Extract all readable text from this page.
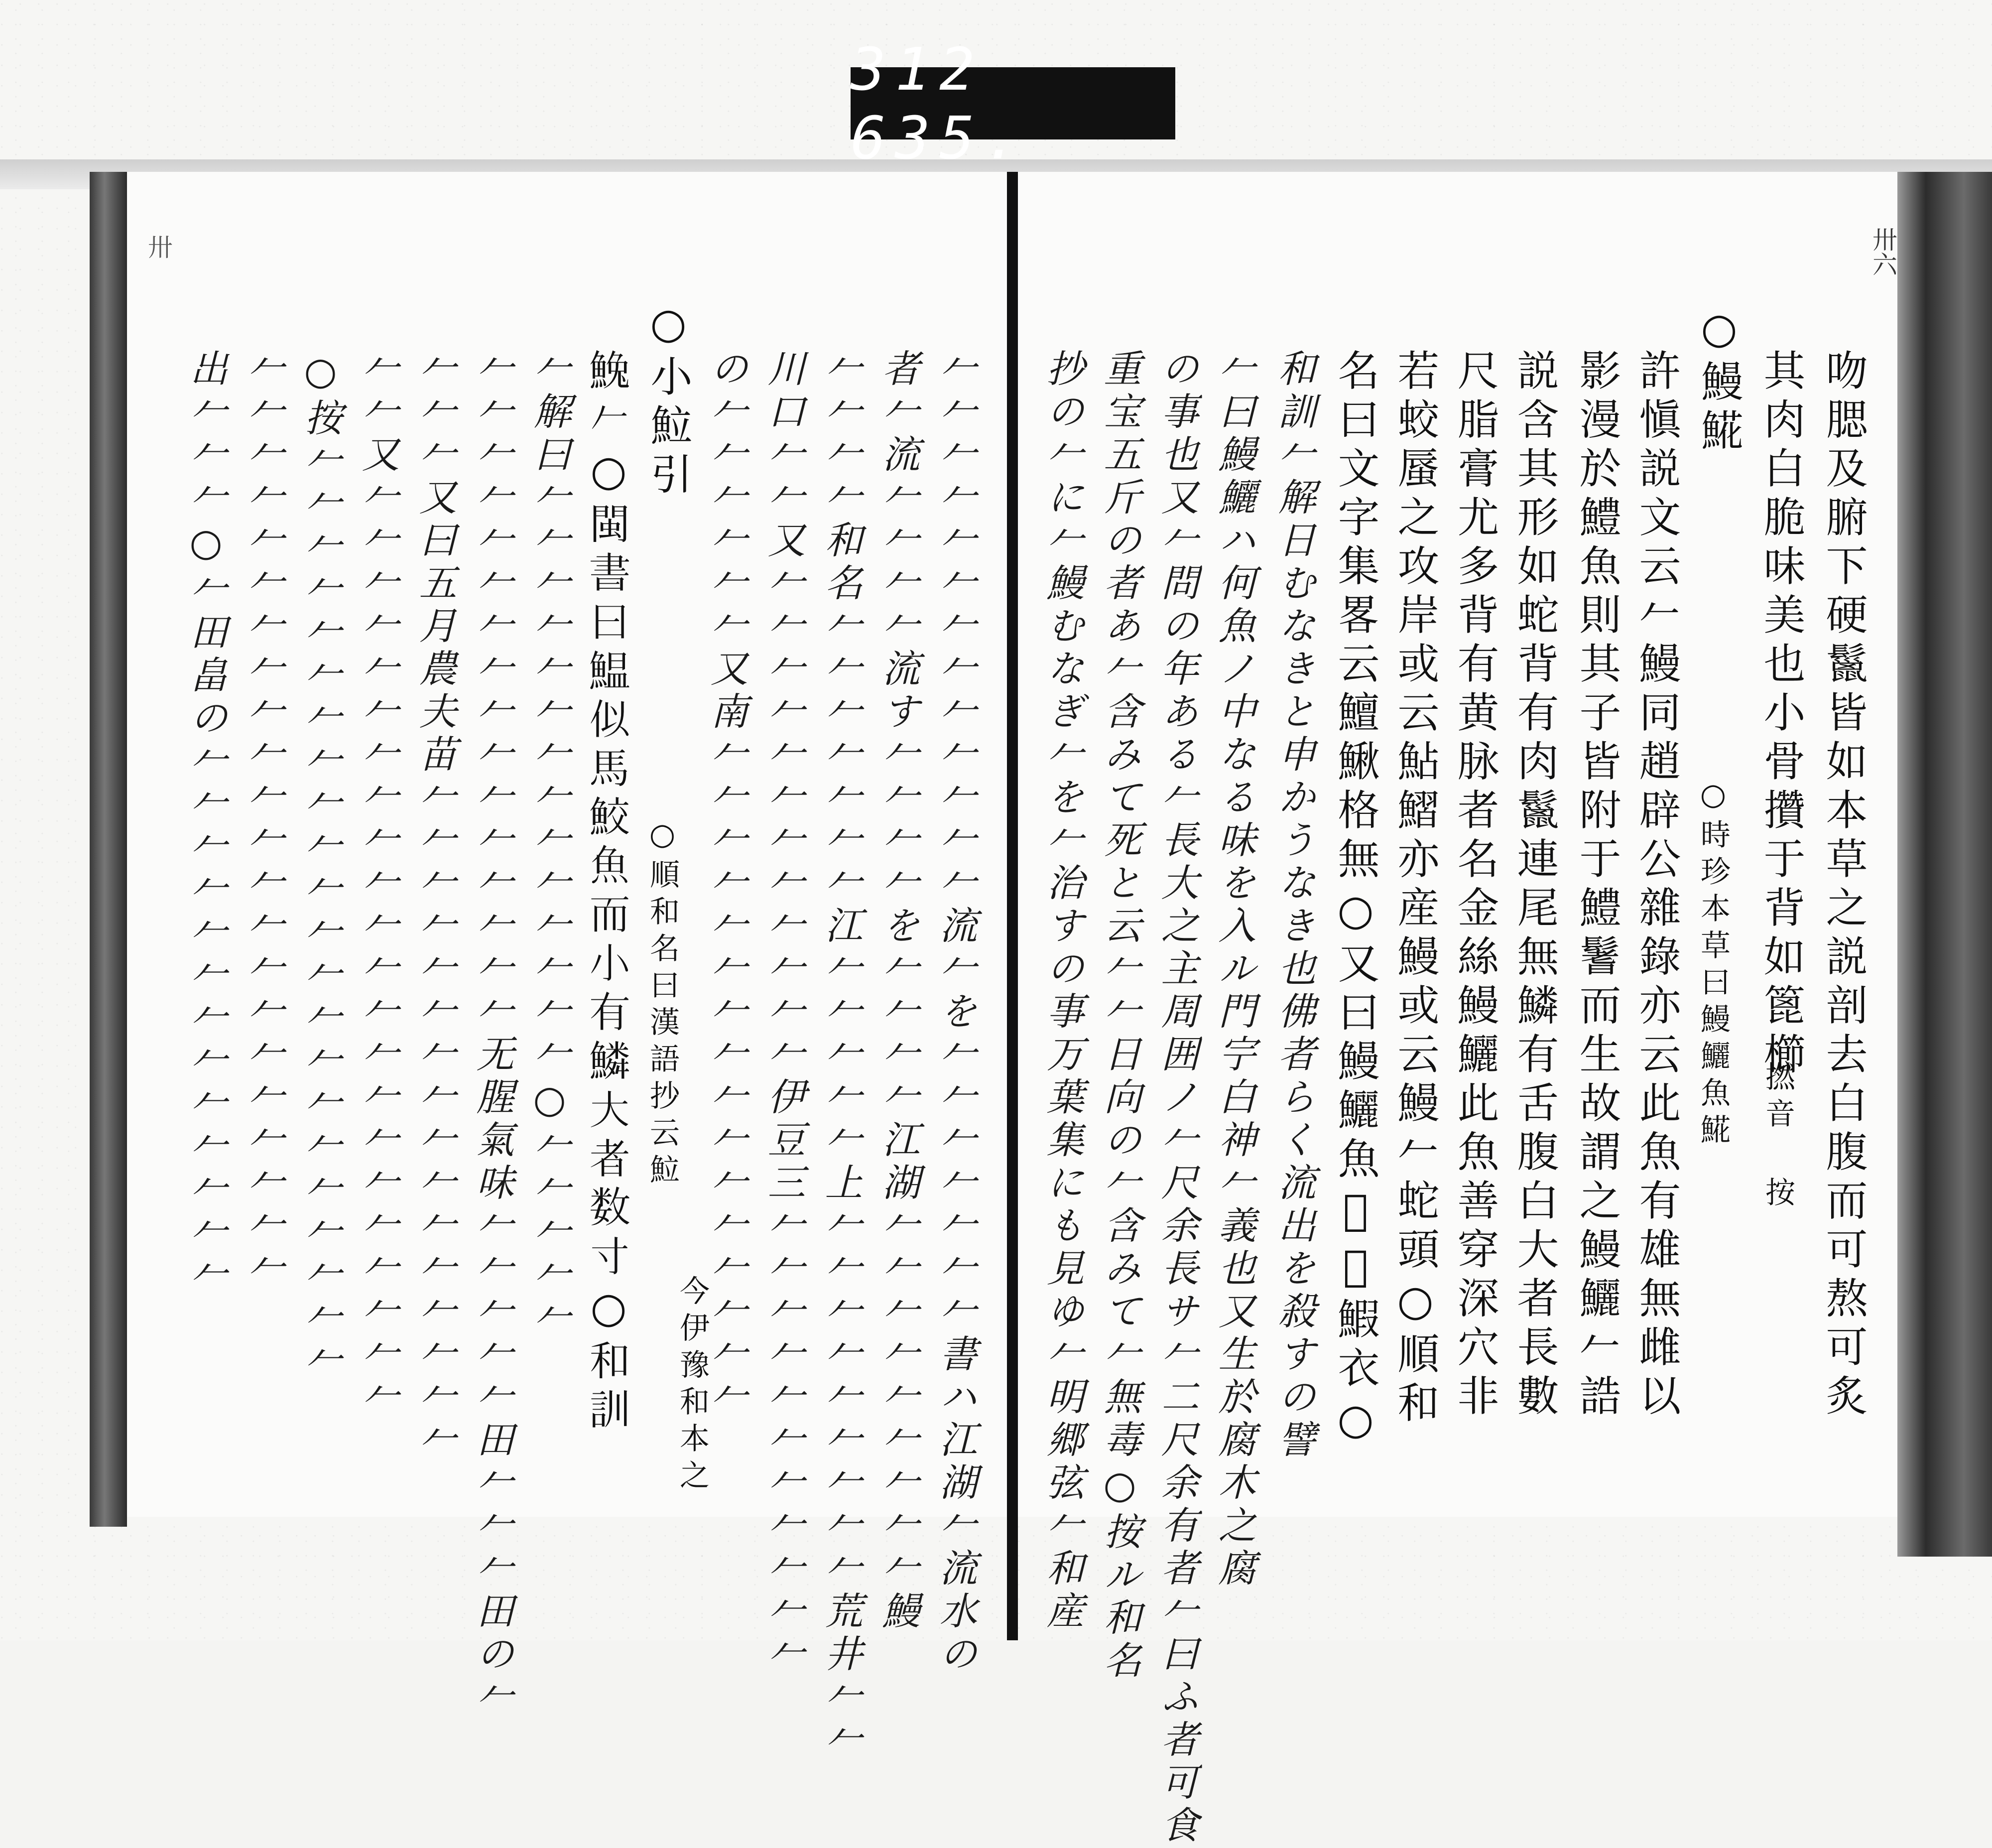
312 635.
卅六
卅
吻腮及腑下硬鬣皆如本草之説剖去白腹而可熬可炙
其肉白脆味美也小骨攢于背如篦櫛
○鰻𩸽
許愼説文云𠂉鰻同趙辟公雜錄亦云此魚有雄無雌以
影漫於鱧魚則其子皆附于鱧鬐而生故謂之鰻鱺𠂉誥
説含其形如蛇背有肉鬣連尾無鱗有舌腹白大者長數
尺脂膏尤多背有黄脉者名金絲鰻鱺此魚善穿深穴非
若蛟蜃之攻岸或云鮎鰼亦産鰻或云鰻𠂉蛇頭○順和
名曰文字集畧云鱣鰍格無○又曰鰻鱺魚𩸸𩹰鰕衣○
和訓𠂉解日むなきと申かうなき也佛者らく流出を殺すの譬
𠂉曰鰻鱺ハ何魚ノ中なる味を入ル門𡧃白神𠂉義也又生於腐木之腐
の事也又𠂉問の年ある𠂉長大之主周囲ノ𠂉尺余長サ𠂉二尺余有者𠂉曰ふ者可食
重宝五斤の者あ𠂉含みて死と云𠂉𠂉日向の𠂉含みて𠂉無毒○按ル和名
抄の𠂉に𠂉鰻むなぎ𠂉を𠂉治すの事万葉集にも見ゆ𠂉明郷弦𠂉和産	○時珍本草曰鰻鱺魚𩸽 撚音 按
𠂉𠂉𠂉𠂉𠂉𠂉𠂉𠂉𠂉𠂉𠂉𠂉𠂉流𠂉を𠂉𠂉𠂉𠂉𠂉𠂉𠂉書ハ江湖𠂉流水の
者𠂉流𠂉𠂉𠂉𠂉流す𠂉𠂉𠂉𠂉を𠂉𠂉𠂉𠂉江湖𠂉𠂉𠂉𠂉𠂉𠂉𠂉𠂉𠂉鰻
𠂉𠂉𠂉𠂉和名𠂉𠂉𠂉𠂉𠂉𠂉𠂉江𠂉𠂉𠂉𠂉𠂉上𠂉𠂉𠂉𠂉𠂉𠂉𠂉𠂉𠂉荒井𠂉𠂉
川口𠂉𠂉又𠂉𠂉𠂉𠂉𠂉𠂉𠂉𠂉𠂉𠂉𠂉𠂉伊豆三𠂉𠂉𠂉𠂉𠂉𠂉𠂉𠂉𠂉𠂉𠂉
の𠂉𠂉𠂉𠂉𠂉𠂉又南𠂉𠂉𠂉𠂉𠂉𠂉𠂉𠂉𠂉𠂉𠂉𠂉𠂉𠂉𠂉𠂉
○小𩶘引
𩸃𠂉○閩書曰鰛似馬鮫魚而小有鱗大者数寸○和訓
𠂉解曰𠂉𠂉𠂉𠂉𠂉𠂉𠂉𠂉𠂉𠂉𠂉𠂉𠂉𠂉○𠂉𠂉𠂉𠂉𠂉
𠂉𠂉𠂉𠂉𠂉𠂉𠂉𠂉𠂉𠂉𠂉𠂉𠂉𠂉𠂉𠂉无腥氣味𠂉𠂉𠂉𠂉𠂉田𠂉𠂉𠂉田の𠂉
𠂉𠂉𠂉又曰五月農夫苗𠂉𠂉𠂉𠂉𠂉𠂉𠂉𠂉𠂉𠂉𠂉𠂉𠂉𠂉𠂉𠂉
𠂉𠂉又𠂉𠂉𠂉𠂉𠂉𠂉𠂉𠂉𠂉𠂉𠂉𠂉𠂉𠂉𠂉𠂉𠂉𠂉𠂉𠂉𠂉𠂉
○按𠂉𠂉𠂉𠂉𠂉𠂉𠂉𠂉𠂉𠂉𠂉𠂉𠂉𠂉𠂉𠂉𠂉𠂉𠂉𠂉𠂉𠂉
𠂉𠂉𠂉𠂉𠂉𠂉𠂉𠂉𠂉𠂉𠂉𠂉𠂉𠂉𠂉𠂉𠂉𠂉𠂉𠂉𠂉𠂉
出𠂉𠂉𠂉○𠂉田畠の𠂉𠂉𠂉𠂉𠂉𠂉𠂉𠂉𠂉𠂉𠂉𠂉𠂉	○順和名曰漢語抄云𩶘
今伊豫和本之
